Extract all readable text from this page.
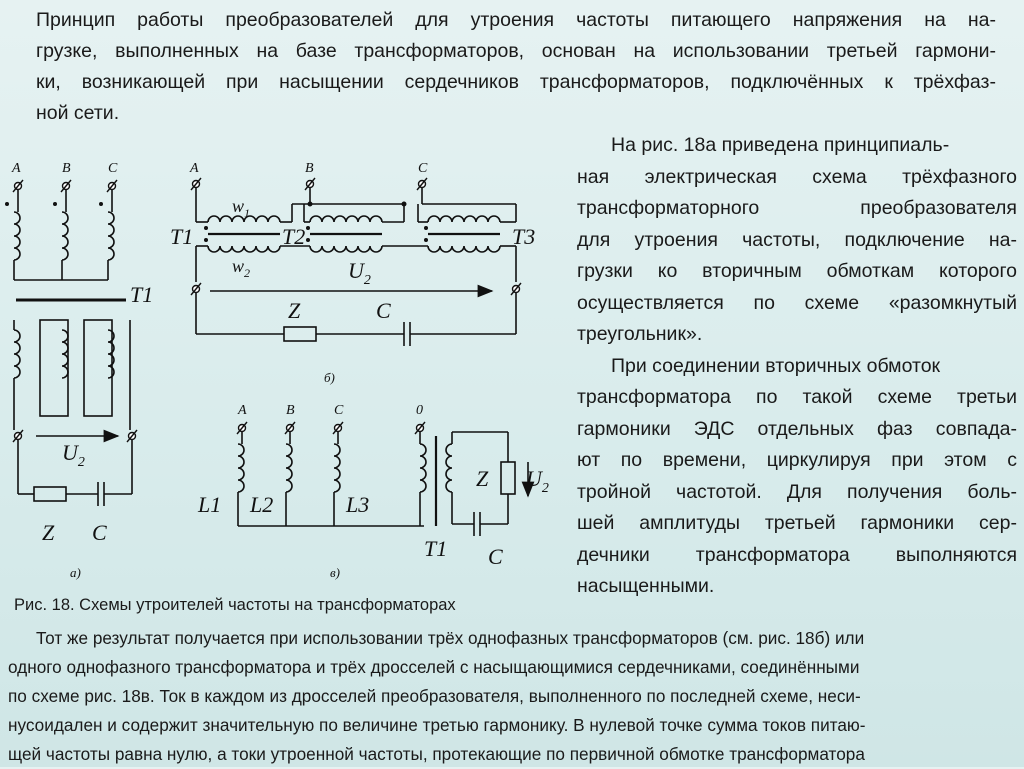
Принцип работы преобразователей для утроения частоты питающего напряжения на на-
грузке, выполненных на базе трансформаторов, основан на использовании третьей гармони-
ки, возникающей при насыщении сердечников трансформаторов, подключённых к трёхфаз-
ной сети.
На рис. 18а приведена принципиаль-
ная электрическая схема трёхфазного
трансформаторного преобразователя
для утроения частоты, подключение на-
грузки ко вторичным обмоткам которого
осуществляется по схеме «разомкнутый
треугольник».
При соединении вторичных обмоток
трансформатора по такой схеме третьи
гармоники ЭДС отдельных фаз совпада-
ют по времени, циркулируя при этом с
тройной частотой. Для получения боль-
шей амплитуды третьей гармоники сер-
дечники трансформатора выполняются
насыщенными.
Рис. 18. Схемы утроителей частоты на трансформаторах
Тот же результат получается при использовании трёх однофазных трансформаторов (см. рис. 18б) или
одного однофазного трансформатора и трёх дросселей с насыщающимися сердечниками, соединёнными
по схеме рис. 18в. Ток в каждом из дросселей преобразователя, выполненного по последней схеме, неси-
нусоидален и содержит значительную по величине третью гармонику. В нулевой точке сумма токов питаю-
щей частоты равна нулю, а токи утроенной частоты, протекающие по первичной обмотке трансформатора
A	B	C
T1
$U_2$
Z C
а)
A	B	C
$w_1$
T1	T2	T3
$w_2$	$U_2$
Z	C
б)
A	B	C	0
L1 L2	L3
Z $U_2$
T1 C
в)
